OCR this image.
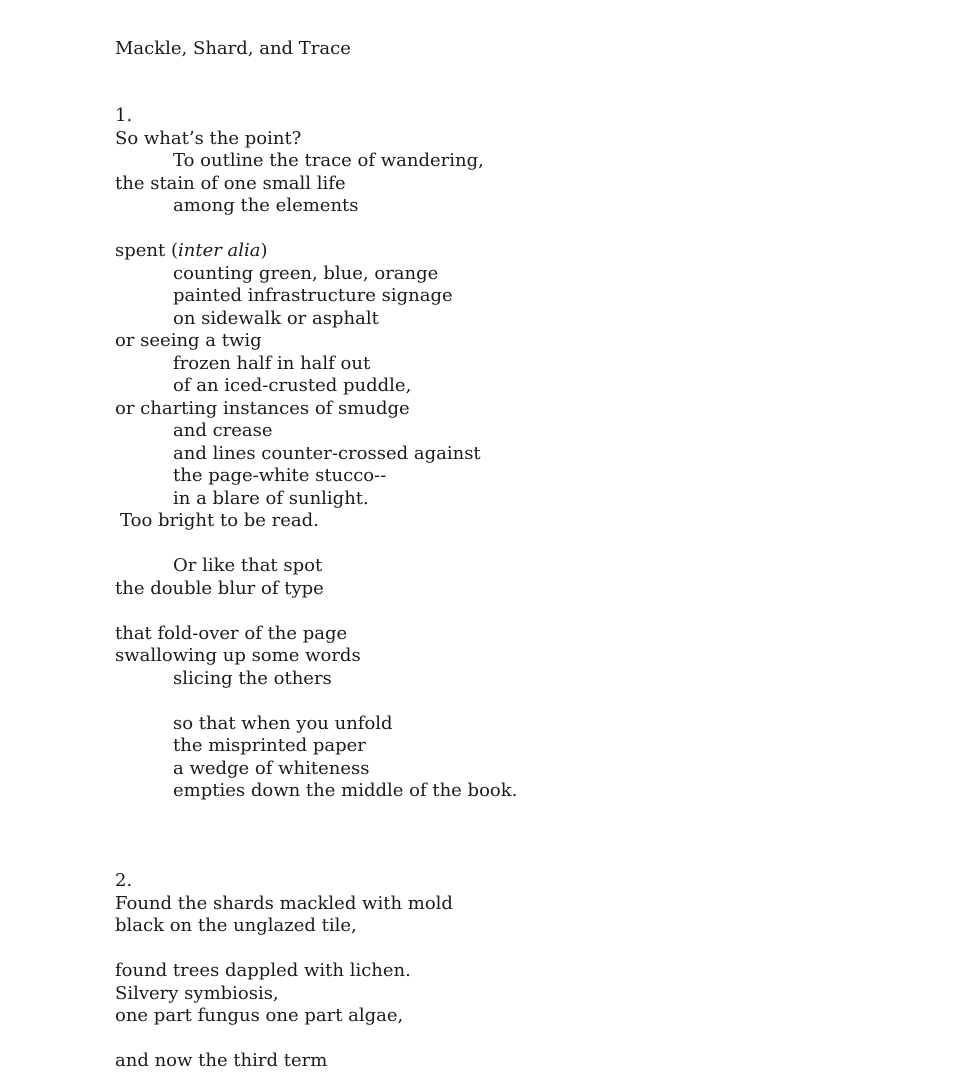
Mackle, Shard, and Trace
1.
So what’s the point?
To outline the trace of wandering,
the stain of one small life
among the elements
spent (inter alia)
counting green, blue, orange
painted infrastructure signage
on sidewalk or asphalt
or seeing a twig
frozen half in half out
of an iced-crusted puddle,
or charting instances of smudge
and crease
and lines counter-crossed against
the page-white stucco--
in a blare of sunlight.
Too bright to be read.
Or like that spot
the double blur of type
that fold-over of the page
swallowing up some words
slicing the others
so that when you unfold
the misprinted paper
a wedge of whiteness
empties down the middle of the book.
2.
Found the shards mackled with mold
black on the unglazed tile,
found trees dappled with lichen.
Silvery symbiosis,
one part fungus one part algae,
and now the third term
